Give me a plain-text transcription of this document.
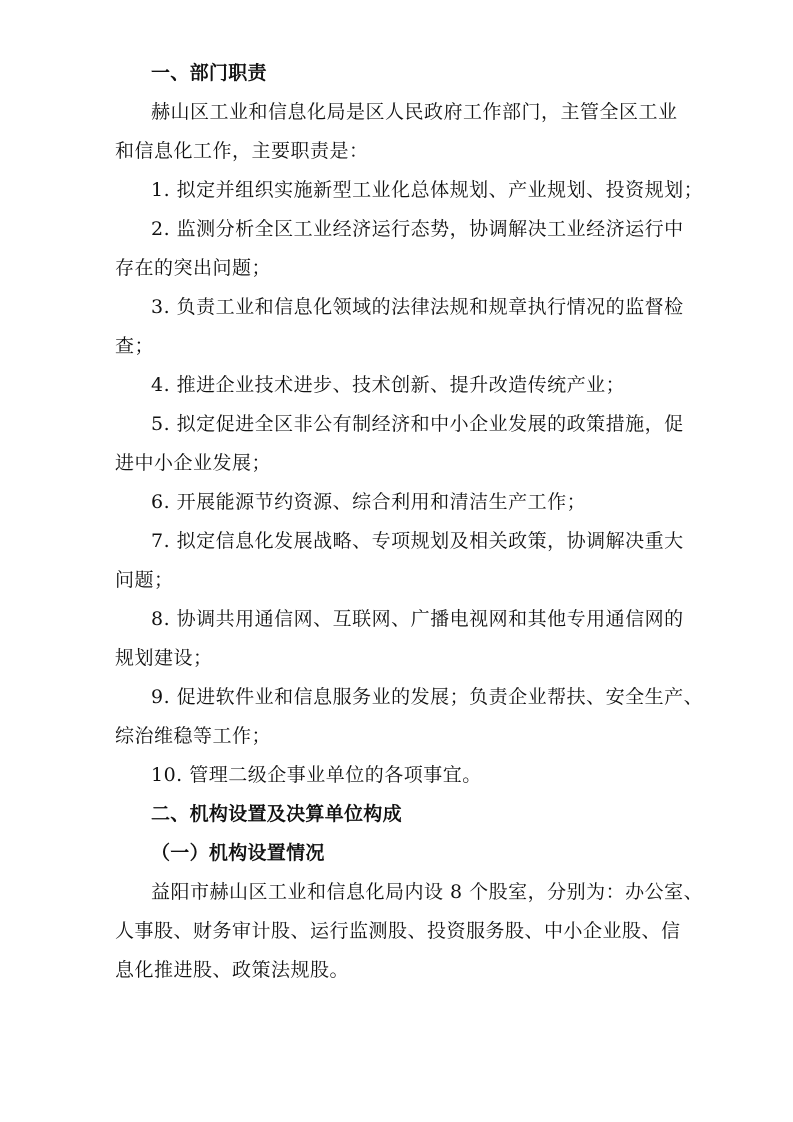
一、部门职责
赫山区工业和信息化局是区人民政府工作部门，主管全区工业
和信息化工作，主要职责是：
1. 拟定并组织实施新型工业化总体规划、产业规划、投资规划；
2. 监测分析全区工业经济运行态势，协调解决工业经济运行中
存在的突出问题；
3. 负责工业和信息化领域的法律法规和规章执行情况的监督检
查；
4. 推进企业技术进步、技术创新、提升改造传统产业；
5. 拟定促进全区非公有制经济和中小企业发展的政策措施，促
进中小企业发展；
6. 开展能源节约资源、综合利用和清洁生产工作；
7. 拟定信息化发展战略、专项规划及相关政策，协调解决重大
问题；
8. 协调共用通信网、互联网、广播电视网和其他专用通信网的
规划建设；
9. 促进软件业和信息服务业的发展；负责企业帮扶、安全生产、
综治维稳等工作；
10. 管理二级企事业单位的各项事宜。
二、机构设置及决算单位构成
（一）机构设置情况
益阳市赫山区工业和信息化局内设 8 个股室，分别为：办公室、
人事股、财务审计股、运行监测股、投资服务股、中小企业股、信
息化推进股、政策法规股。
